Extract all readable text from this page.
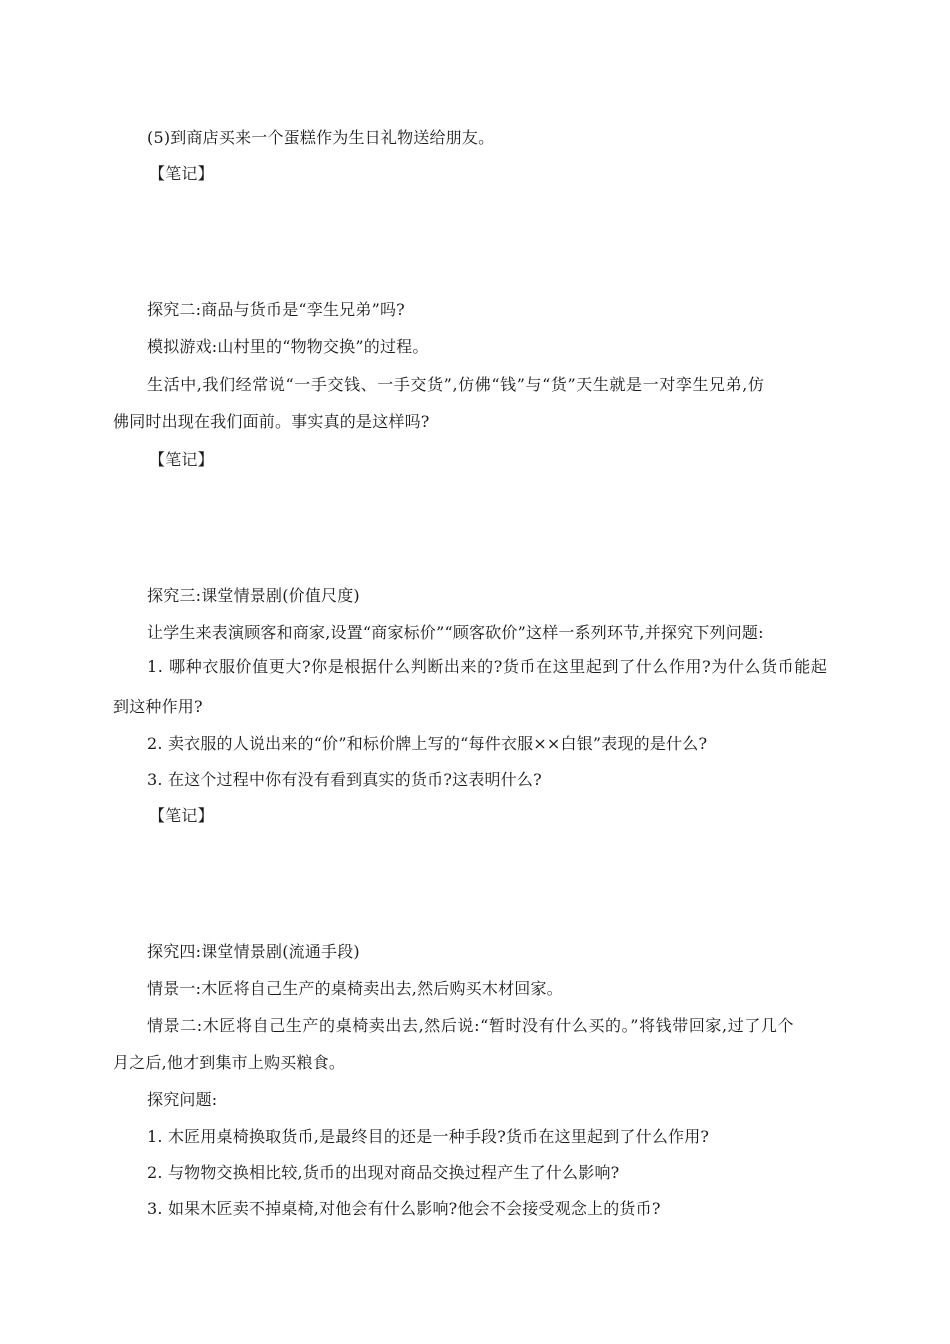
(5)到商店买来一个蛋糕作为生日礼物送给朋友。
【笔记】
探究二:商品与货币是“孪生兄弟”吗?
模拟游戏:山村里的“物物交换”的过程。
生活中,我们经常说“一手交钱、一手交货”,仿佛“钱”与“货”天生就是一对孪生兄弟,仿
佛同时出现在我们面前。事实真的是这样吗?
【笔记】
探究三:课堂情景剧(价值尺度)
让学生来表演顾客和商家,设置“商家标价”“顾客砍价”这样一系列环节,并探究下列问题:
1. 哪种衣服价值更大?你是根据什么判断出来的?货币在这里起到了什么作用?为什么货币能起
到这种作用?
2. 卖衣服的人说出来的“价”和标价牌上写的“每件衣服××白银”表现的是什么?
3. 在这个过程中你有没有看到真实的货币?这表明什么?
【笔记】
探究四:课堂情景剧(流通手段)
情景一:木匠将自己生产的桌椅卖出去,然后购买木材回家。
情景二:木匠将自己生产的桌椅卖出去,然后说:“暂时没有什么买的。”将钱带回家,过了几个
月之后,他才到集市上购买粮食。
探究问题:
1. 木匠用桌椅换取货币,是最终目的还是一种手段?货币在这里起到了什么作用?
2. 与物物交换相比较,货币的出现对商品交换过程产生了什么影响?
3. 如果木匠卖不掉桌椅,对他会有什么影响?他会不会接受观念上的货币?
